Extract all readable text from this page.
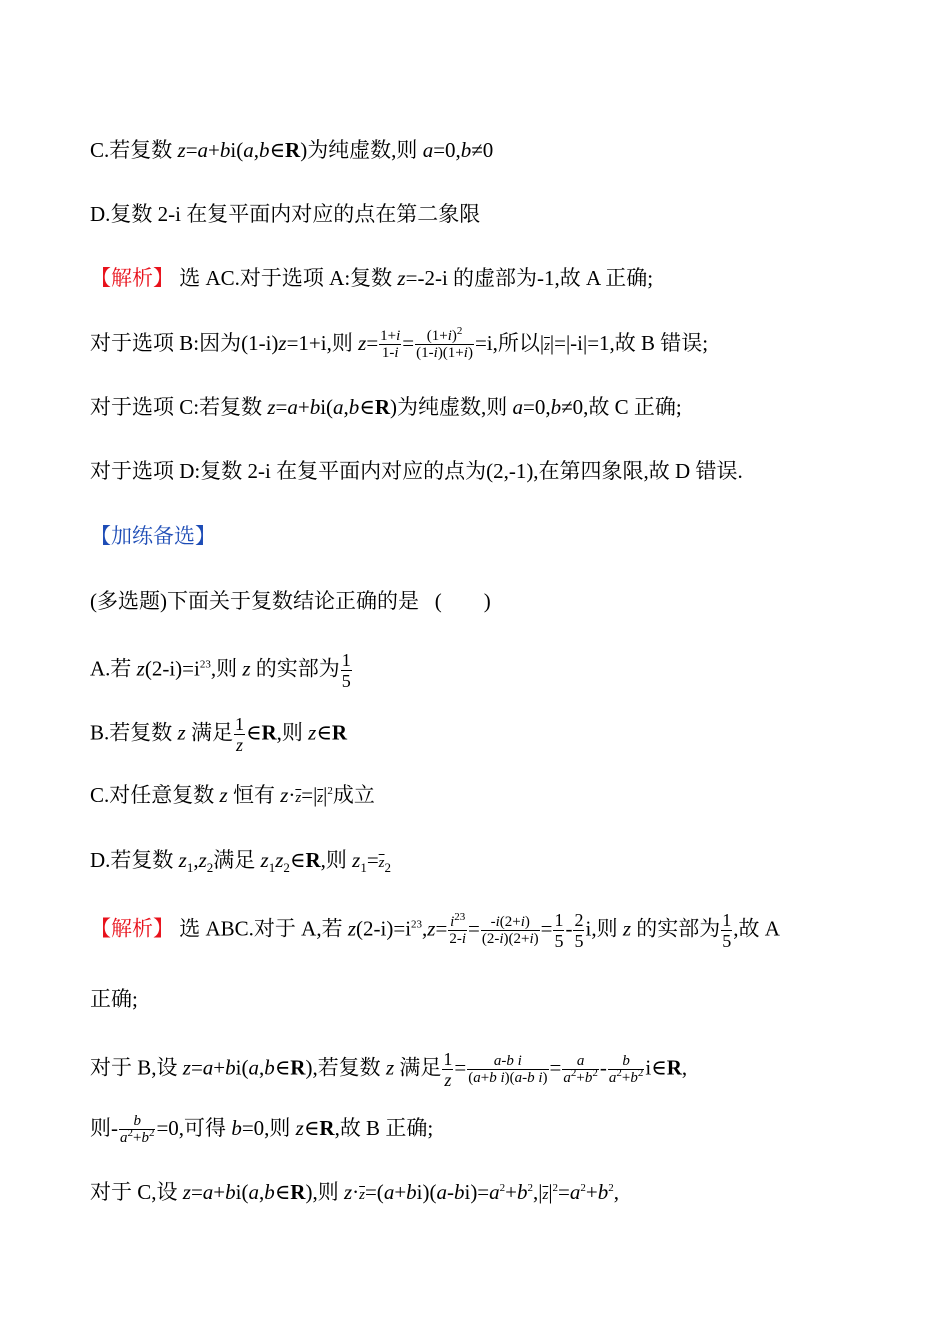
C.若复数 z=a+bi(a,b∈R)为纯虚数,则 a=0,b≠0
D.复数 2-i 在复平面内对应的点在第二象限
【解析】 选 AC.对于选项 A:复数 z=-2-i 的虚部为-1,故 A 正确;
对于选项 B:因为(1-i)z=1+i,则 $z= \frac{1+i}{1-i} = \frac{(1+i)^2}{(1-i)(1+i)} =i$,所以$|\overline{z}|=|-i|=1$,故 B 错误;
对于选项 C:若复数 z=a+bi(a,b∈R)为纯虚数,则 a=0,b≠0,故 C 正确;
对于选项 D:复数 2-i 在复平面内对应的点为(2,-1),在第四象限,故 D 错误.
【加练备选】
(多选题)下面关于复数结论正确的是 (　　)
A.若 $z(2-i)=i^{23}$,则 z 的实部为 $\frac{1}{5}$
B.若复数 z 满足 $\frac{1}{z}$ ∈R,则 z∈R
C.对任意复数 z 恒有 $z\cdot\overline{z}=|\overline{z}|^2$成立
D.若复数 $z_1,z_2$满足 $z_1z_2\in R$,则 $z_1=\overline{z}_2$
【解析】 选 ABC.对于 A,若 $z(2-i)=i^{23},z= \frac{i^{23}}{2-i} = \frac{-i(2+i)}{(2-i)(2+i)} = \frac{1}{5} - \frac{2}{5} i$,则 z 的实部为 $\frac{1}{5}$ ,故 A
正确;
对于 B,设 z=a+bi(a,b∈R),若复数 z 满足 $\frac{1}{z} = \frac{\text{a-b i}}{\text{(a+b i)(a-b i)}} = \frac{a}{a^2+b^2} - \frac{b}{a^2+b^2}$ i∈R,
则- $\frac{b}{a^2+b^2} =0$,可得 b=0,则 z∈R,故 B 正确;
对于 C,设 z=a+bi(a,b∈R),则 $z\cdot\overline{z}=(a+bi)(a-bi)=a^2+b^2,|\overline{z}|^2=a^2+b^2$,
